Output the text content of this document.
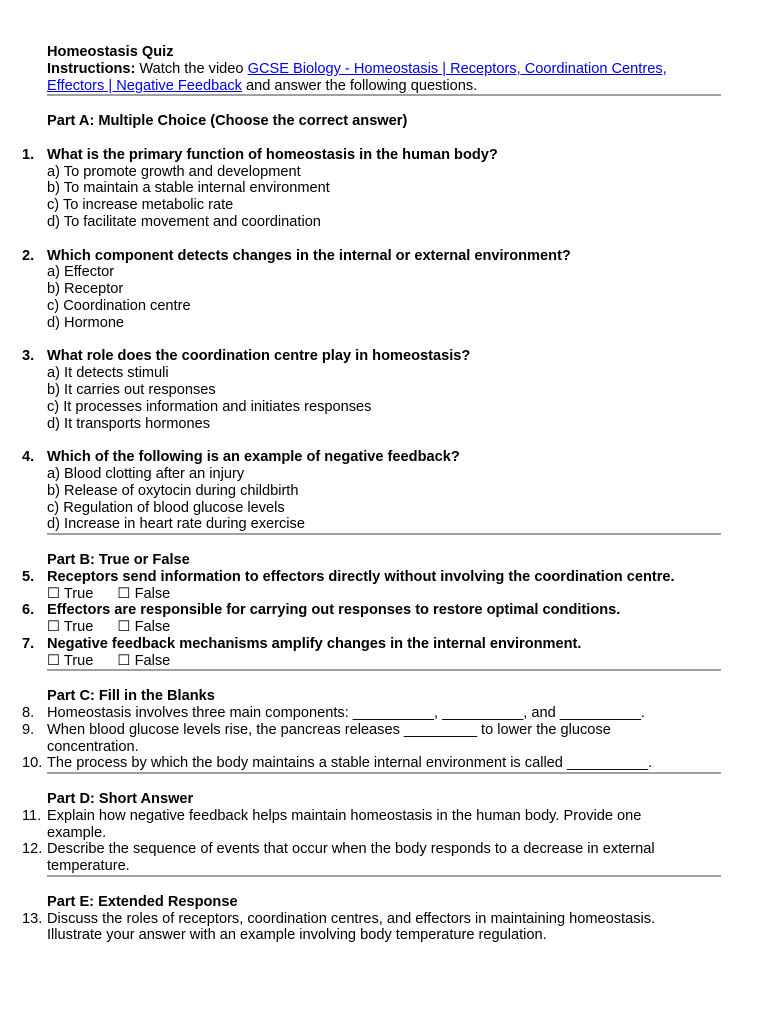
Homeostasis Quiz
Instructions: Watch the video GCSE Biology - Homeostasis | Receptors, Coordination Centres,
Effectors | Negative Feedback and answer the following questions.
Part A: Multiple Choice (Choose the correct answer)
1. What is the primary function of homeostasis in the human body?
a) To promote growth and development
b) To maintain a stable internal environment
c) To increase metabolic rate
d) To facilitate movement and coordination
2. Which component detects changes in the internal or external environment?
a) Effector
b) Receptor
c) Coordination centre
d) Hormone
3. What role does the coordination centre play in homeostasis?
a) It detects stimuli
b) It carries out responses
c) It processes information and initiates responses
d) It transports hormones
4. Which of the following is an example of negative feedback?
a) Blood clotting after an injury
b) Release of oxytocin during childbirth
c) Regulation of blood glucose levels
d) Increase in heart rate during exercise
Part B: True or False
5. Receptors send information to effectors directly without involving the coordination centre.
☐ True ☐ False
6. Effectors are responsible for carrying out responses to restore optimal conditions.
☐ True ☐ False
7. Negative feedback mechanisms amplify changes in the internal environment.
☐ True ☐ False
Part C: Fill in the Blanks
8. Homeostasis involves three main components: __________, __________, and __________.
9. When blood glucose levels rise, the pancreas releases _________ to lower the glucose
concentration.
10. The process by which the body maintains a stable internal environment is called __________.
Part D: Short Answer
11. Explain how negative feedback helps maintain homeostasis in the human body. Provide one
example.
12. Describe the sequence of events that occur when the body responds to a decrease in external
temperature.
Part E: Extended Response
13. Discuss the roles of receptors, coordination centres, and effectors in maintaining homeostasis.
Illustrate your answer with an example involving body temperature regulation.
